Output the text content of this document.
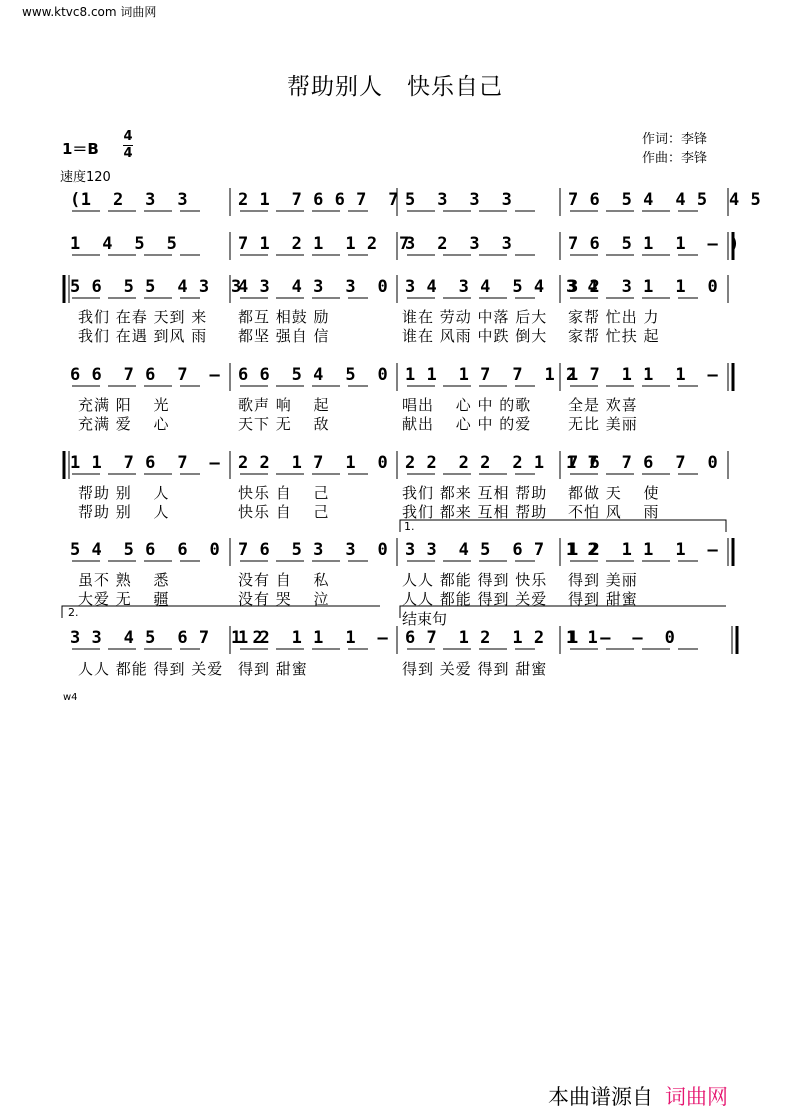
www.ktvc8.com 词曲网
帮助别人　快乐自己
1＝B
4
4
作词：李锋
作曲：李锋
速度120
(1  2  3  3	2 1  7 6 6 7  7 5  3  3  3	7 6  5 4  4 5  4 5
1  4  5  5	7 1  2 1  1 2  7
3  2  3  3	7 6  5 1  1  – )
5 6  5 5  4 3  3
4 3  4 3  3  0 3 4  3 4  5 4  3 4
3 2  3 1  1  0
6 6  7 6  7  – 6 6  5 4  5  0 1 1  1 7  7  1 2
1 7  1 1  1  –
1 1  7 6  7  – 2 2  1 7  1  0 2 2  2 2  2 1  1 7
7 6  7 6  7  0
5 4  5 6  6  0 7 6  5 3  3  0 3 3  4 5  6 7  1 2
1 2  1 1  1  –
3 3  4 5  6 7  1 2
1 2  1 1  1  – 6 7  1 2  1 2  1 1
1  –  –  0
我们 在春 天到 来 都互 相鼓 励	谁在 劳动 中落 后大 家帮 忙出 力
我们 在遇 到风 雨 都坚 强自 信	谁在 风雨 中跌 倒大 家帮 忙扶 起
充满 阳　 光	歌声 响　 起	唱出　 心 中 的歌 全是 欢喜
充满 爱　 心	天下 无　 敌	献出　 心 中 的爱 无比 美丽
帮助 别　 人	快乐 自　 己	我们 都来 互相 帮助 都做 天　 使
帮助 别　 人	快乐 自　 己	我们 都来 互相 帮助 不怕 风　 雨
虽不 熟　 悉	没有 自　 私	人人 都能 得到 快乐 得到 美丽
大爱 无　 疆	没有 哭　 泣	人人 都能 得到 关爱 得到 甜蜜
人人 都能 得到 关爱 得到 甜蜜	得到 关爱 得到 甜蜜
1.
2.	结束句
w4
本曲谱源自 词曲网
